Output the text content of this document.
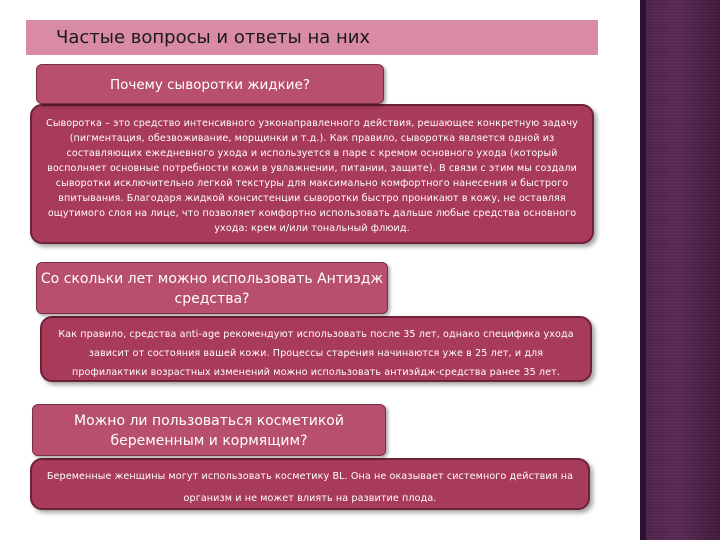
Частые вопросы и ответы на них
Почему сыворотки жидкие?
Сыворотка – это средство интенсивного узконаправленного действия, решающее конкретную задачу (пигментация, обезвоживание, морщинки и т.д.). Как правило, сыворотка является одной из составляющих ежедневного ухода и используется в паре с кремом основного ухода (который восполняет основные потребности кожи в увлажнении, питании, защите). В связи с этим мы создали сыворотки исключительно легкой текстуры для максимально комфортного нанесения и быстрого впитывания. Благодаря жидкой консистенции сыворотки быстро проникают в кожу, не оставляя ощутимого слоя на лице, что позволяет комфортно использовать дальше любые средства основного ухода: крем и/или тональный флюид.
Со скольки лет можно использовать Антиэдж средства?
Как правило, средства anti-age рекомендуют использовать после 35 лет, однако специфика ухода зависит от состояния вашей кожи. Процессы старения начинаются уже в 25 лет, и для профилактики возрастных изменений можно использовать антиэйдж-средства ранее 35 лет.
Можно ли пользоваться косметикой беременным и кормящим?
Беременные женщины могут использовать косметику BL. Она не оказывает системного действия на организм и не может влиять на развитие плода.
